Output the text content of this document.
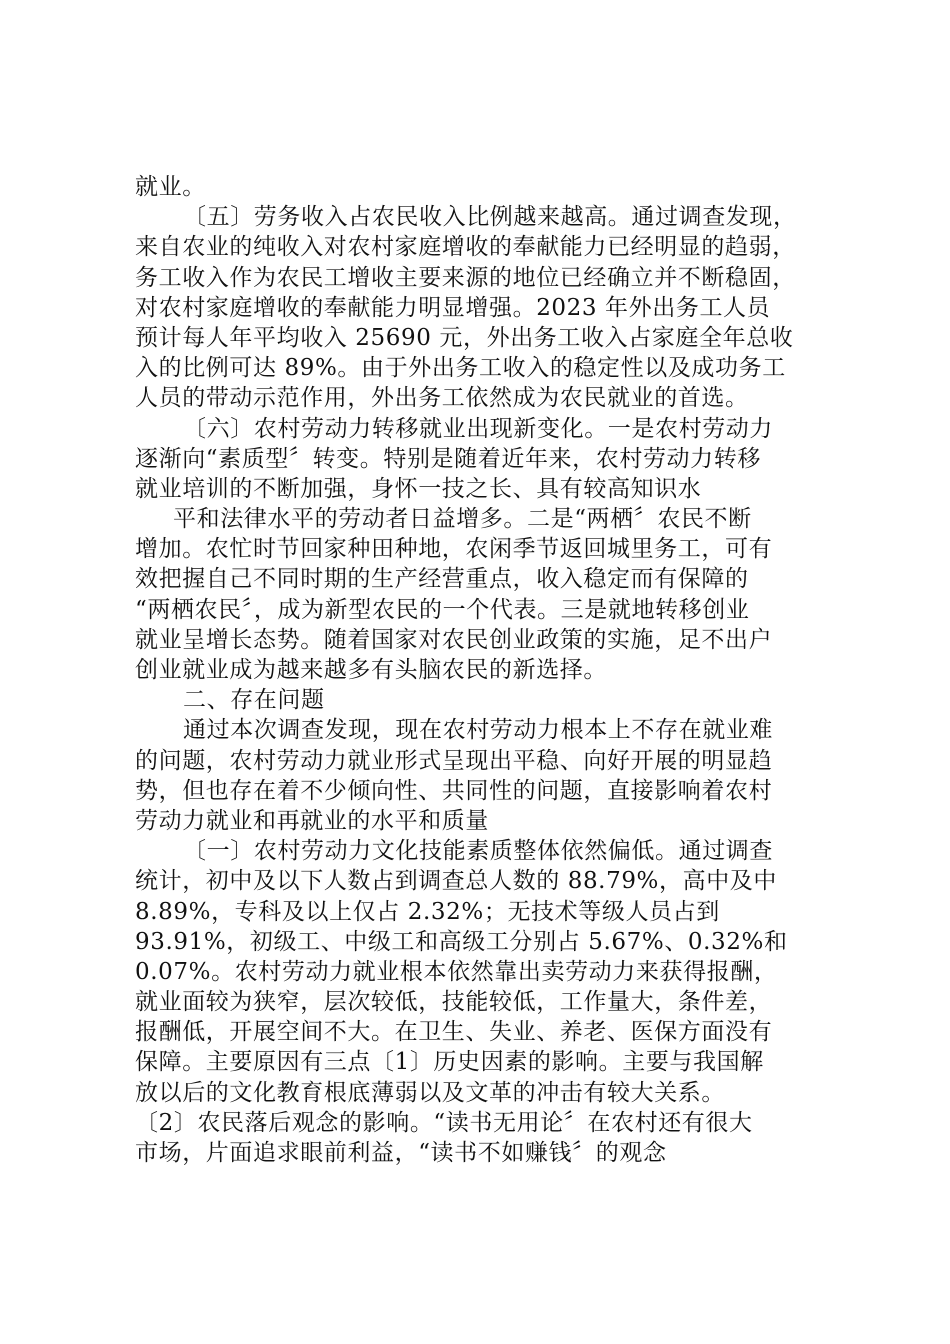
就业。
〔五〕劳务收入占农民收入比例越来越高。通过调查发现，
来自农业的纯收入对农村家庭增收的奉献能力已经明显的趋弱，
务工收入作为农民工增收主要来源的地位已经确立并不断稳固，
对农村家庭增收的奉献能力明显增强。2023 年外出务工人员
预计每人年平均收入 25690 元，外出务工收入占家庭全年总收
入的比例可达 89%。由于外出务工收入的稳定性以及成功务工
人员的带动示范作用，外出务工依然成为农民就业的首选。
〔六〕农村劳动力转移就业出现新变化。一是农村劳动力
逐渐向“素质型〞转变。特别是随着近年来，农村劳动力转移
就业培训的不断加强，身怀一技之长、具有较高知识水
平和法律水平的劳动者日益增多。二是“两栖〞农民不断
增加。农忙时节回家种田种地，农闲季节返回城里务工，可有
效把握自己不同时期的生产经营重点，收入稳定而有保障的
“两栖农民〞，成为新型农民的一个代表。三是就地转移创业
就业呈增长态势。随着国家对农民创业政策的实施，足不出户
创业就业成为越来越多有头脑农民的新选择。
二、存在问题
通过本次调查发现，现在农村劳动力根本上不存在就业难
的问题，农村劳动力就业形式呈现出平稳、向好开展的明显趋
势，但也存在着不少倾向性、共同性的问题，直接影响着农村
劳动力就业和再就业的水平和质量
〔一〕农村劳动力文化技能素质整体依然偏低。通过调查
统计，初中及以下人数占到调查总人数的 88.79%，高中及中
8.89%，专科及以上仅占 2.32%；无技术等级人员占到
93.91%，初级工、中级工和高级工分别占 5.67%、0.32%和
0.07%。农村劳动力就业根本依然靠出卖劳动力来获得报酬，
就业面较为狭窄，层次较低，技能较低，工作量大，条件差，
报酬低，开展空间不大。在卫生、失业、养老、医保方面没有
保障。主要原因有三点〔1〕历史因素的影响。主要与我国解
放以后的文化教育根底薄弱以及文革的冲击有较大关系。
〔2〕农民落后观念的影响。“读书无用论〞在农村还有很大
市场，片面追求眼前利益，“读书不如赚钱〞的观念
